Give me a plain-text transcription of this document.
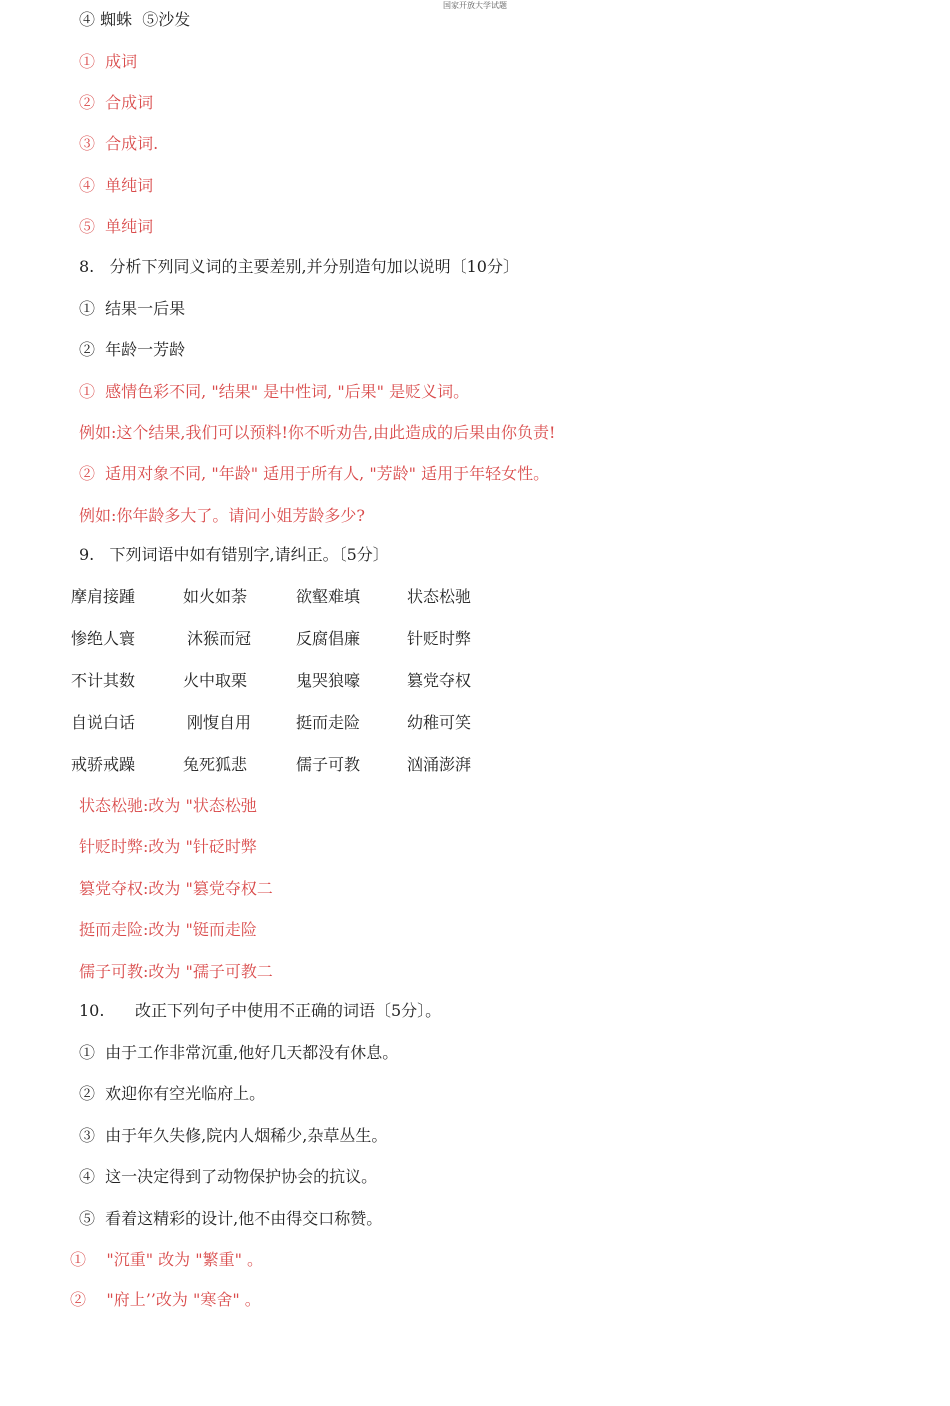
国家开放大学试题
④ 蜘蛛  ⑤沙发
①  成词
②  合成词
③  合成词.
④  单纯词
⑤  单纯词
8.   分析下列同义词的主要差别,并分别造句加以说明〔10分〕
①  结果一后果
②  年龄一芳龄
①  感情色彩不同, "结果" 是中性词, "后果" 是贬义词。
例如:这个结果,我们可以预料!你不听劝告,由此造成的后果由你负责!
②  适用对象不同, "年龄" 适用于所有人, "芳龄" 适用于年轻女性。
例如:你年龄多大了。请问小姐芳龄多少?
9.   下列词语中如有错别字,请纠正。〔5分〕
摩肩接踵	如火如荼	欲壑难填	状态松驰
惨绝人寰	沐猴而冠	反腐倡廉	针贬时弊
不计其数	火中取栗	鬼哭狼嚎	篡党夺权
自说白话	刚愎自用	挺而走险	幼稚可笑
戒骄戒躁	兔死狐悲	儒子可教	汹涌澎湃
状态松驰:改为 "状态松弛
针贬时弊:改为 "针砭时弊
篡党夺权:改为 "篡党夺权二
挺而走险:改为 "铤而走险
儒子可教:改为 "孺子可教二
10.      改正下列句子中使用不正确的词语〔5分〕。
①  由于工作非常沉重,他好几天都没有休息。
②  欢迎你有空光临府上。
③  由于年久失修,院内人烟稀少,杂草丛生。
④  这一决定得到了动物保护协会的抗议。
⑤  看着这精彩的设计,他不由得交口称赞。
①    "沉重" 改为 "繁重" 。
②    "府上’’改为 "寒舍" 。
